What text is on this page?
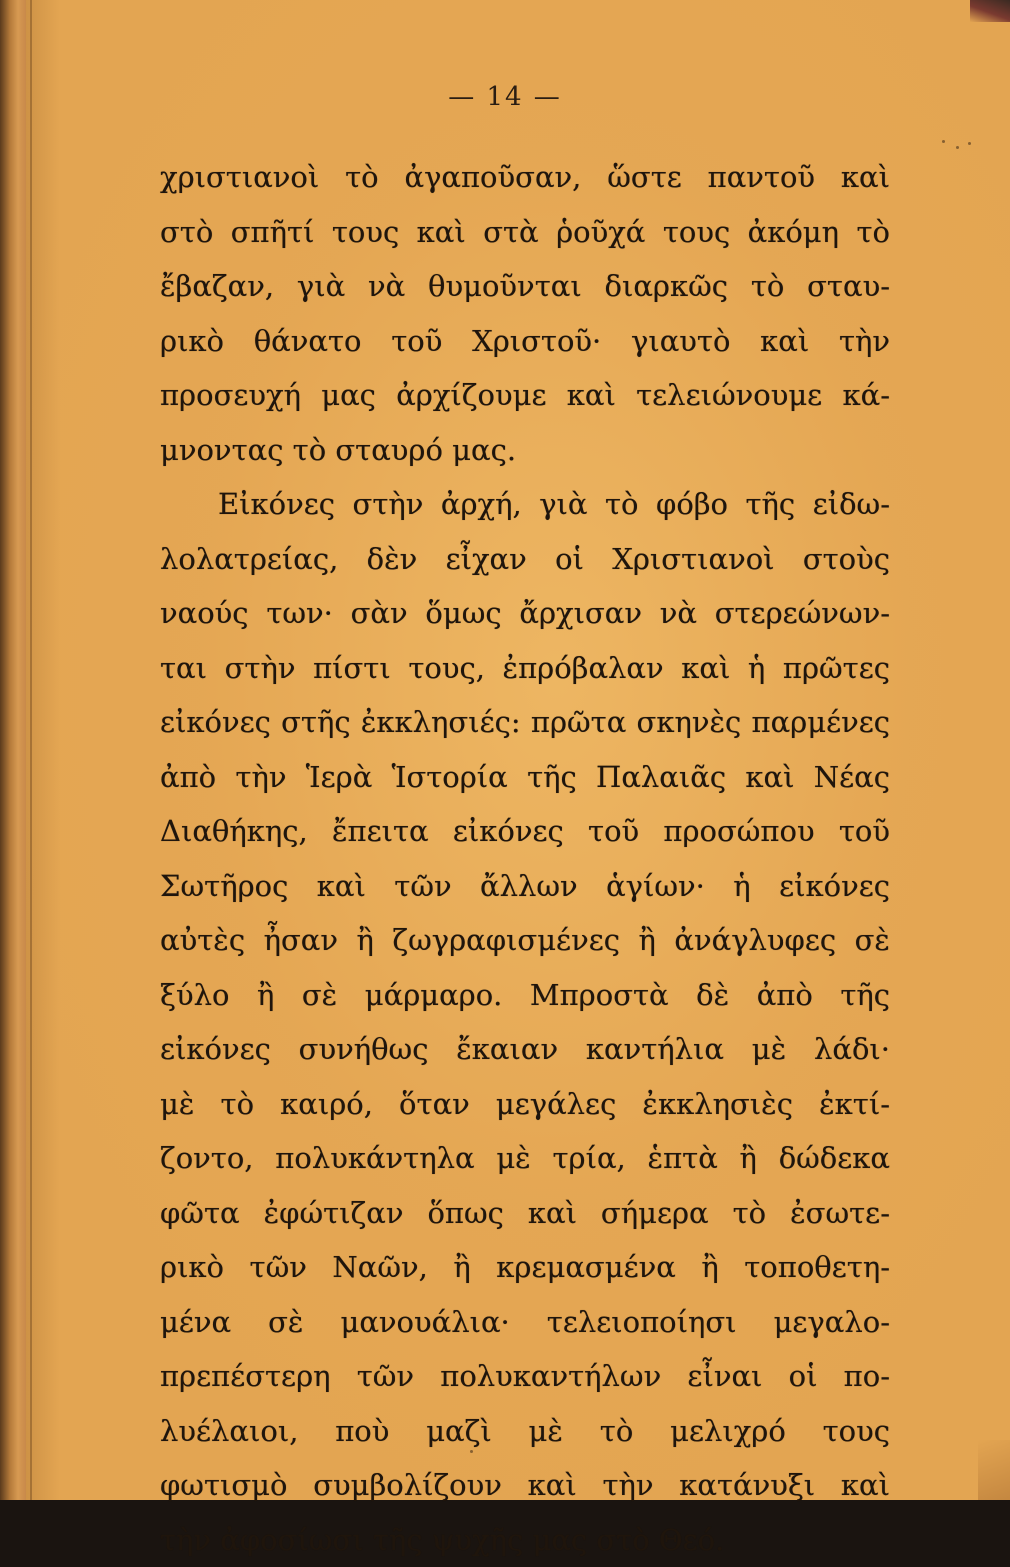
— 14 —
χριστιανοὶ τὸ ἀγαποῦσαν, ὥστε παντοῦ καὶ
στὸ σπῆτί τους καὶ στὰ ῥοῦχά τους ἀκόμη τὸ
ἔβαζαν, γιὰ νὰ θυμοῦνται διαρκῶς τὸ σταυ-
ρικὸ θάνατο τοῦ Χριστοῦ· γιαυτὸ καὶ τὴν
προσευχή μας ἀρχίζουμε καὶ τελειώνουμε κά-
μνοντας τὸ σταυρό μας.
Εἰκόνες στὴν ἀρχή, γιὰ τὸ φόβο τῆς εἰδω-
λολατρείας, δὲν εἶχαν οἱ Χριστιανοὶ στοὺς
ναούς των· σὰν ὅμως ἄρχισαν νὰ στερεώνων-
ται στὴν πίστι τους, ἐπρόβαλαν καὶ ἡ πρῶτες
εἰκόνες στῆς ἐκκλησιές: πρῶτα σκηνὲς παρμένες
ἀπὸ τὴν Ἱερὰ Ἱστορία τῆς Παλαιᾶς καὶ Νέας
Διαθήκης, ἔπειτα εἰκόνες τοῦ προσώπου τοῦ
Σωτῆρος καὶ τῶν ἄλλων ἁγίων· ἡ εἰκόνες
αὐτὲς ἦσαν ἢ ζωγραφισμένες ἢ ἀνάγλυφες σὲ
ξύλο ἢ σὲ μάρμαρο. Μπροστὰ δὲ ἀπὸ τῆς
εἰκόνες συνήθως ἔκαιαν καντήλια μὲ λάδι·
μὲ τὸ καιρό, ὅταν μεγάλες ἐκκλησιὲς ἐκτί-
ζοντο, πολυκάντηλα μὲ τρία, ἑπτὰ ἢ δώδεκα
φῶτα ἐφώτιζαν ὅπως καὶ σήμερα τὸ ἐσωτε-
ρικὸ τῶν Ναῶν, ἢ κρεμασμένα ἢ τοποθετη-
μένα σὲ μανουάλια· τελειοποίησι μεγαλο-
πρεπέστερη τῶν πολυκαντήλων εἶναι οἱ πο-
λυέλαιοι, ποὺ μαζὶ μὲ τὸ μελιχρό τους
φωτισμὸ συμβολίζουν καὶ τὴν κατάνυξι καὶ
τὴν ἀφοσίωσι τῆς ψυχῆς μας στὸ Θεό.
